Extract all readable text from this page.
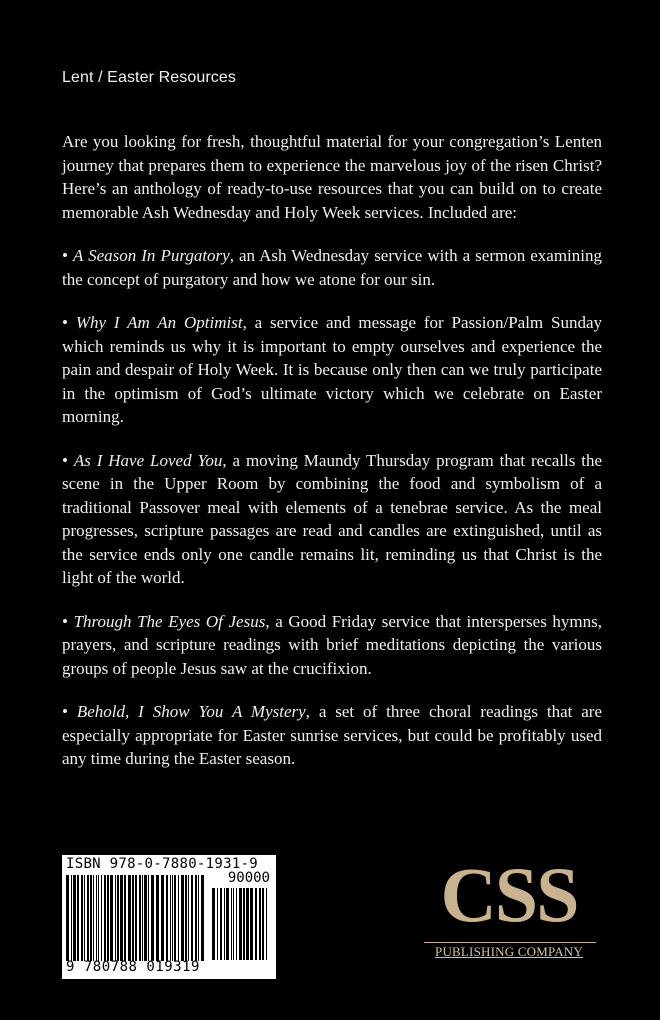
Lent / Easter Resources

Are you looking for fresh, thoughtful material for your congregation’s Lenten journey that prepares them to experience the marvelous joy of the risen Christ? Here’s an anthology of ready-to-use resources that you can build on to create memorable Ash Wednesday and Holy Week services. Included are:

• A Season In Purgatory, an Ash Wednesday service with a sermon examining the concept of purgatory and how we atone for our sin.

• Why I Am An Optimist, a service and message for Passion/Palm Sunday which reminds us why it is important to empty ourselves and experience the pain and despair of Holy Week. It is because only then can we truly participate in the optimism of God’s ultimate victory which we celebrate on Easter morning.

• As I Have Loved You, a moving Maundy Thursday program that recalls the scene in the Upper Room by combining the food and symbolism of a traditional Passover meal with elements of a tenebrae service. As the meal progresses, scripture passages are read and candles are extinguished, until as the service ends only one candle remains lit, reminding us that Christ is the light of the world.

• Through The Eyes Of Jesus, a Good Friday service that intersperses hymns, prayers, and scripture readings with brief meditations depicting the various groups of people Jesus saw at the crucifixion.

• Behold, I Show You A Mystery, a set of three choral readings that are especially appropriate for Easter sunrise services, but could be profitably used any time during the Easter season.

ISBN 978-0-7880-1931-9
90000
9 780788 019319
CSS
PUBLISHING COMPANY
